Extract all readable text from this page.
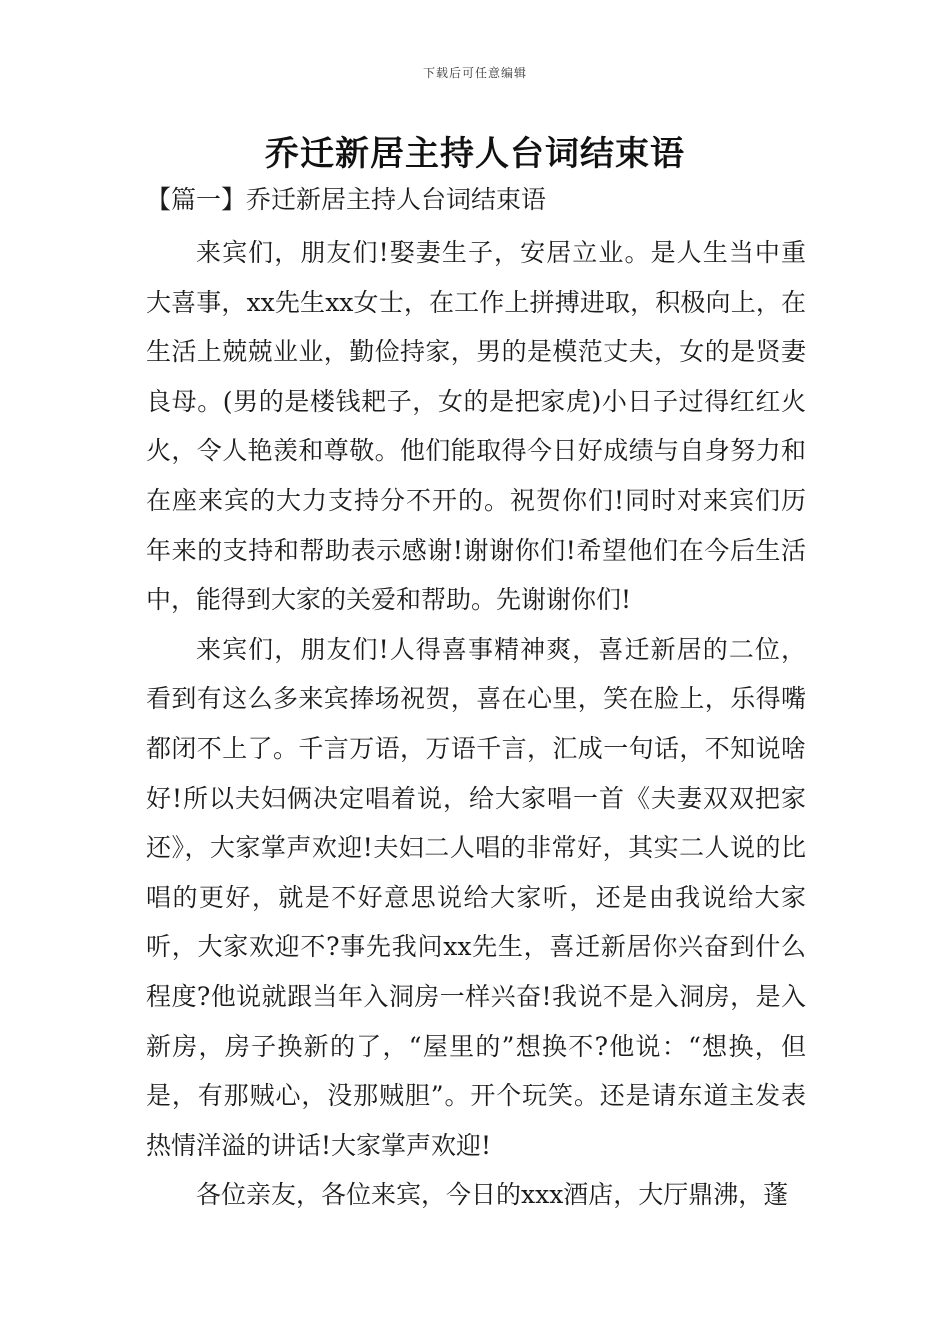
下载后可任意编辑
乔迁新居主持人台词结束语
【篇一】乔迁新居主持人台词结束语

来宾们，朋友们!娶妻生子，安居立业。是人生当中重大喜事，xx先生xx女士，在工作上拼搏进取，积极向上，在生活上兢兢业业，勤俭持家，男的是模范丈夫，女的是贤妻良母。(男的是楼钱耙子，女的是把家虎)小日子过得红红火火，令人艳羡和尊敬。他们能取得今日好成绩与自身努力和在座来宾的大力支持分不开的。祝贺你们!同时对来宾们历年来的支持和帮助表示感谢!谢谢你们!希望他们在今后生活中，能得到大家的关爱和帮助。先谢谢你们!

来宾们，朋友们!人得喜事精神爽，喜迁新居的二位，看到有这么多来宾捧场祝贺，喜在心里，笑在脸上，乐得嘴都闭不上了。千言万语，万语千言，汇成一句话，不知说啥好!所以夫妇俩决定唱着说，给大家唱一首《夫妻双双把家还》，大家掌声欢迎!夫妇二人唱的非常好，其实二人说的比唱的更好，就是不好意思说给大家听，还是由我说给大家听，大家欢迎不?事先我问xx先生，喜迁新居你兴奋到什么程度?他说就跟当年入洞房一样兴奋!我说不是入洞房，是入新房，房子换新的了，“屋里的”想换不?他说：“想换，但是，有那贼心，没那贼胆”。开个玩笑。还是请东道主发表热情洋溢的讲话!大家掌声欢迎!

各位亲友，各位来宾，今日的xxx酒店，大厅鼎沸，蓬
